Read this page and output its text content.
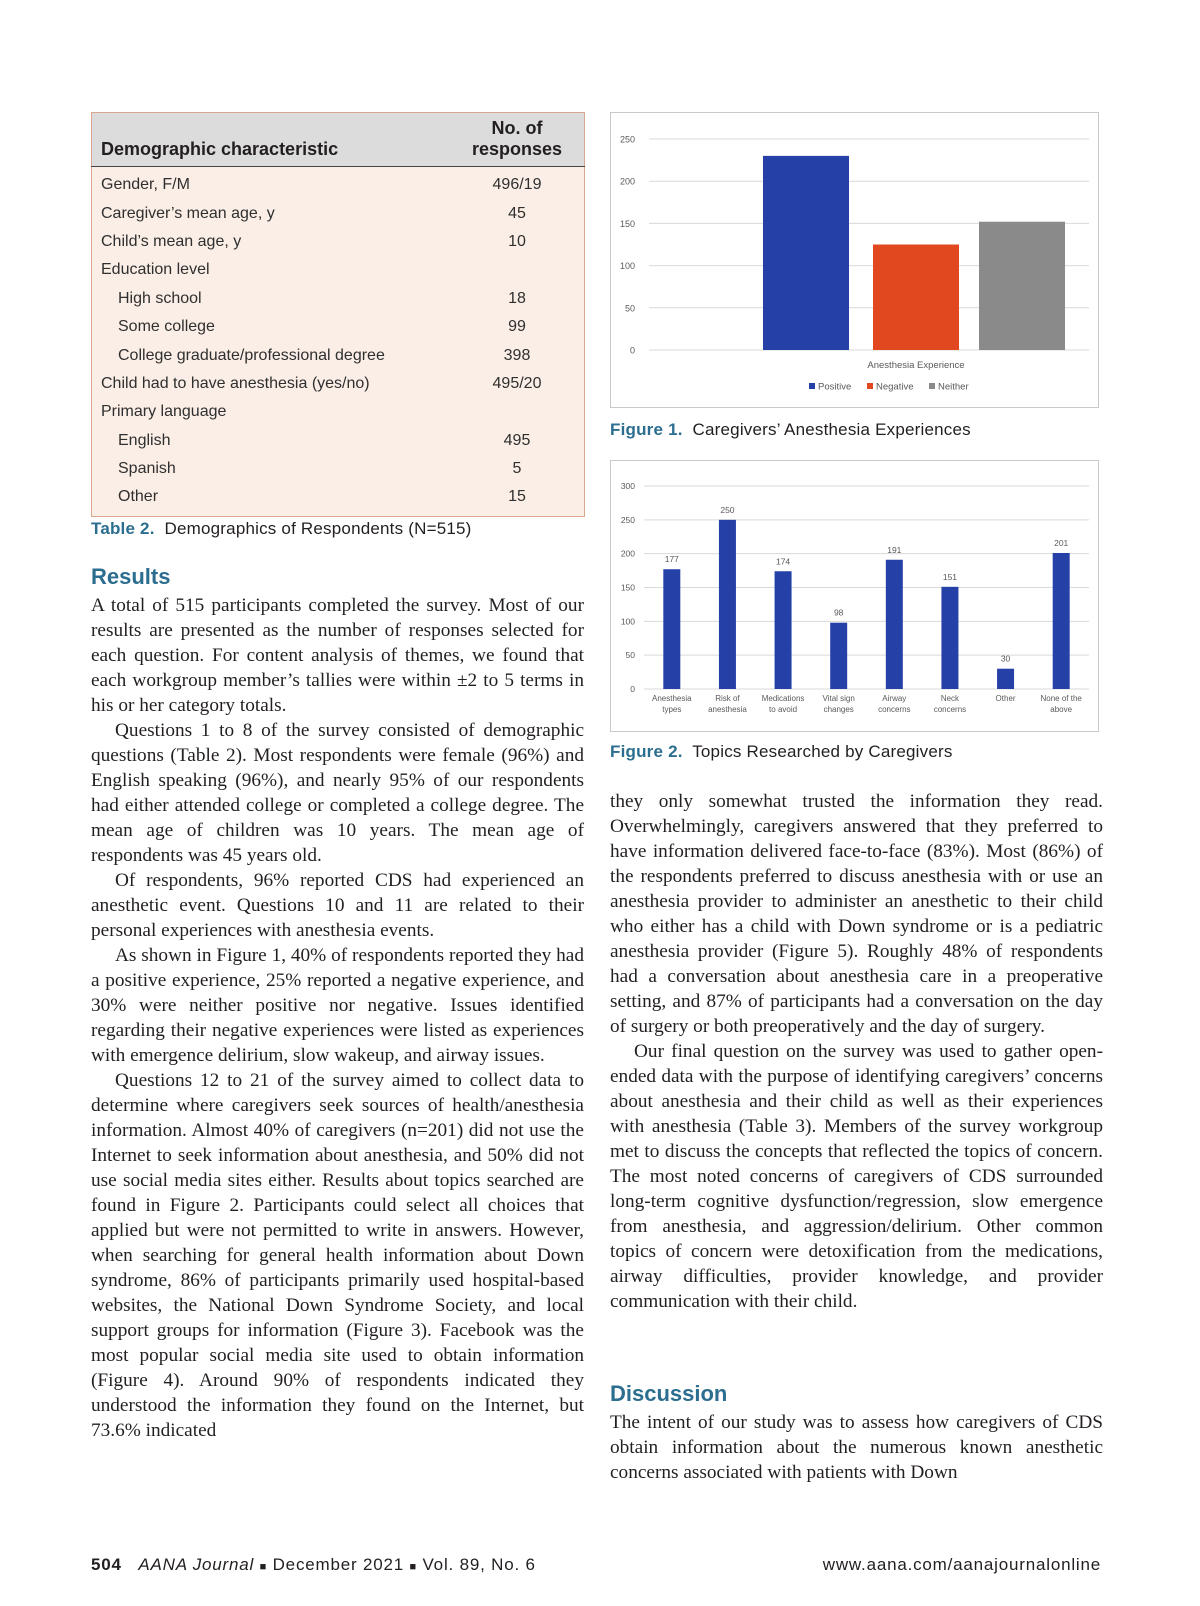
Demographic characteristic	No. of responses
Gender, F/M	496/19
Caregiver’s mean age, y	45
Child’s mean age, y	10
Education level	
High school	18
Some college	99
College graduate/professional degree	398
Child had to have anesthesia (yes/no)	495/20
Primary language	
English	495
Spanish	5
Other	15
Table 2. Demographics of Respondents (N=515)
Results

A total of 515 participants completed the survey. Most of our results are presented as the number of responses selected for each question. For content analysis of themes, we found that each workgroup member’s tallies were within ±2 to 5 terms in his or her category totals.

Questions 1 to 8 of the survey consisted of demographic questions (Table 2). Most respondents were female (96%) and English speaking (96%), and nearly 95% of our respondents had either attended college or completed a college degree. The mean age of children was 10 years. The mean age of respondents was 45 years old.

Of respondents, 96% reported CDS had experienced an anesthetic event. Questions 10 and 11 are related to their personal experiences with anesthesia events.

As shown in Figure 1, 40% of respondents reported they had a positive experience, 25% reported a negative experience, and 30% were neither positive nor negative. Issues identified regarding their negative experiences were listed as experiences with emergence delirium, slow wakeup, and airway issues.

Questions 12 to 21 of the survey aimed to collect data to determine where caregivers seek sources of health/anesthesia information. Almost 40% of caregivers (n=201) did not use the Internet to seek information about anesthesia, and 50% did not use social media sites either. Results about topics searched are found in Figure 2. Participants could select all choices that applied but were not permitted to write in answers. However, when searching for general health information about Down syndrome, 86% of participants primarily used hospital-based websites, the National Down Syndrome Society, and local support groups for information (Figure 3). Facebook was the most popular social media site used to obtain information (Figure 4). Around 90% of respondents indicated they understood the information they found on the Internet, but 73.6% indicated

0
50
100
150
200
250
Anesthesia Experience
Positive	Negative	Neither
Figure 1. Caregivers’ Anesthesia Experiences
0
50
100
150
200
250
300
177
Anesthesia
types
250
Risk of
anesthesia
174
Medications
to avoid
98
Vital sign
changes
191
Airway
concerns
151
Neck
concerns
30
Other
201
None of the
above
Figure 2. Topics Researched by Caregivers

they only somewhat trusted the information they read. Overwhelmingly, caregivers answered that they preferred to have information delivered face-to-face (83%). Most (86%) of the respondents preferred to discuss anesthesia with or use an anesthesia provider to administer an anesthetic to their child who either has a child with Down syndrome or is a pediatric anesthesia provider (Figure 5). Roughly 48% of respondents had a conversation about anesthesia care in a preoperative setting, and 87% of participants had a conversation on the day of surgery or both preoperatively and the day of surgery.

Our final question on the survey was used to gather open-ended data with the purpose of identifying caregivers’ concerns about anesthesia and their child as well as their experiences with anesthesia (Table 3). Members of the survey workgroup met to discuss the concepts that reflected the topics of concern. The most noted concerns of caregivers of CDS surrounded long-term cognitive dysfunction/regression, slow emergence from anesthesia, and aggression/delirium. Other common topics of concern were detoxification from the medications, airway difficulties, provider knowledge, and provider communication with their child.

Discussion

The intent of our study was to assess how caregivers of CDS obtain information about the numerous known anesthetic concerns associated with patients with Down

504 AANA Journal ■ December 2021 ■ Vol. 89, No. 6	www.aana.com/aanajournalonline
